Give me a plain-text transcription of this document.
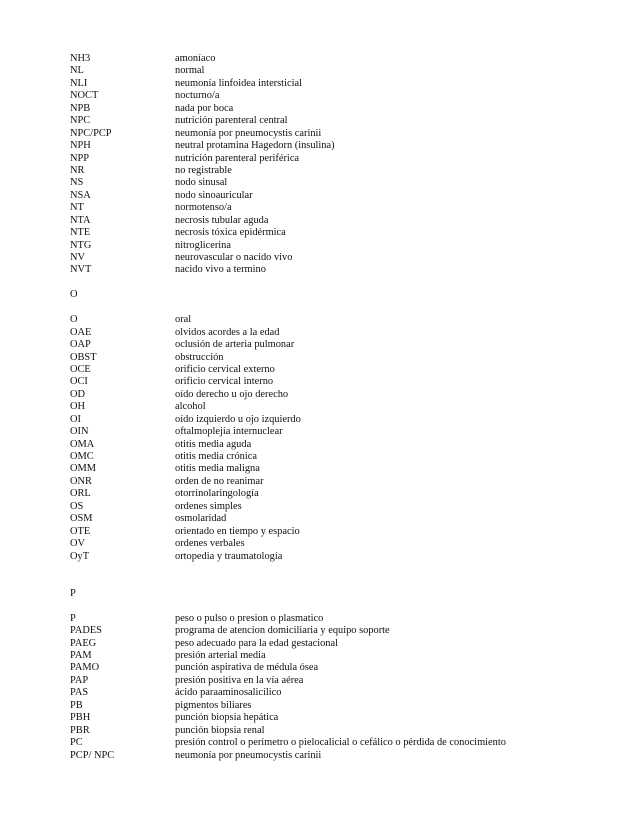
NH3	amoníaco
NL	normal
NLI	neumonía linfoidea intersticial
NOCT	nocturno/a
NPB	nada por boca
NPC	nutrición parenteral central
NPC/PCP	neumonía por pneumocystis carinii
NPH	neutral protamina Hagedorn (insulina)
NPP	nutrición parenteral periférica
NR	no registrable
NS	nodo sinusal
NSA	nodo sinoauricular
NT	normotenso/a
NTA	necrosis tubular aguda
NTE	necrosis tóxica epidérmica
NTG	nitroglicerina
NV	neurovascular o nacido vivo
NVT	nacido vivo a termino
O
O	oral
OAE	olvidos acordes a la edad
OAP	oclusión de arteria pulmonar
OBST	obstrucción
OCE	orificio cervical externo
OCI	orificio cervical interno
OD	oído derecho u ojo derecho
OH	alcohol
OI	oído izquierdo u ojo izquierdo
OIN	oftalmoplejía internuclear
OMA	otitis media aguda
OMC	otitis media crónica
OMM	otitis media maligna
ONR	orden de no reanimar
ORL	otorrinolaringología
OS	ordenes simples
OSM	osmolaridad
OTE	orientado en tiempo y espacio
OV	ordenes verbales
OyT	ortopedia y traumatología
P
P	peso o pulso o presion o plasmatico
PADES	programa de atencion domiciliaria y equipo soporte
PAEG	peso adecuado para la edad gestacional
PAM	presión arterial media
PAMO	punción aspirativa de médula ósea
PAP	presión positiva en la vía aérea
PAS	ácido paraaminosalicílico
PB	pigmentos biliares
PBH	punción biopsia hepática
PBR	punción biopsia renal
PC	presión control o perímetro o pielocalicial o cefálico o pérdida de conocimiento
PCP/ NPC	neumonía por pneumocystis carinii
